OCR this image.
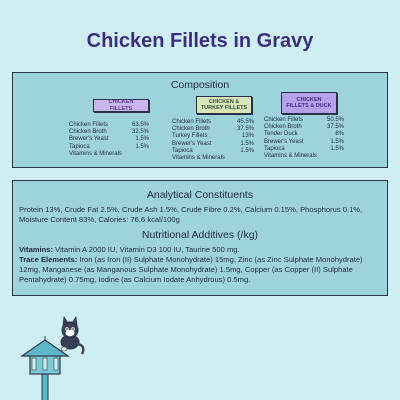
Chicken Fillets in Gravy
Composition
CHICKEN FILLETS
Chicken Fillets	63.5%
Chicken Broth	32.5%
Brewer's Yeast	1.5%
Tapioca	1.5%
Vitamins & Minerals
CHICKEN & TURKEY FILLETS
Chicken Fillets	45.5%
Chicken Broth	37.5%
Turkey Fillets	13%
Brewer's Yeast	1.5%
Tapioca	1.5%
Vitamins & Minerals
CHICKEN FILLETS & DUCK
Chicken Fillets	50.5%
Chicken Broth	37.5%
Tender Duck	8%
Brewer's Yeast	1.5%
Tapioca	1.5%
Vitamins & Minerals
Analytical Constituents
Protein 13%, Crude Fat 2.5%, Crude Ash 1.5%, Crude Fibre 0.2%, Calcium 0.15%, Phosphorus 0.1%, Moisture Content 83%, Calories: 76.6 kcal/100g
Nutritional Additives (/kg)
Vitamins: Vitamin A 2000 IU, Vitamin D3 100 IU, Taurine 500 mg.
Trace Elements: Iron (as Iron (II) Sulphate Monohydrate) 15mg, Zinc (as Zinc Sulphate Monohydrate) 12mg, Manganese (as Manganous Sulphate Monohydrate) 1.5mg, Copper (as Copper (II) Sulphate Pentahydrate) 0.75mg, Iodine (as Calcium Iodate Anhydrous) 0.5mg.
